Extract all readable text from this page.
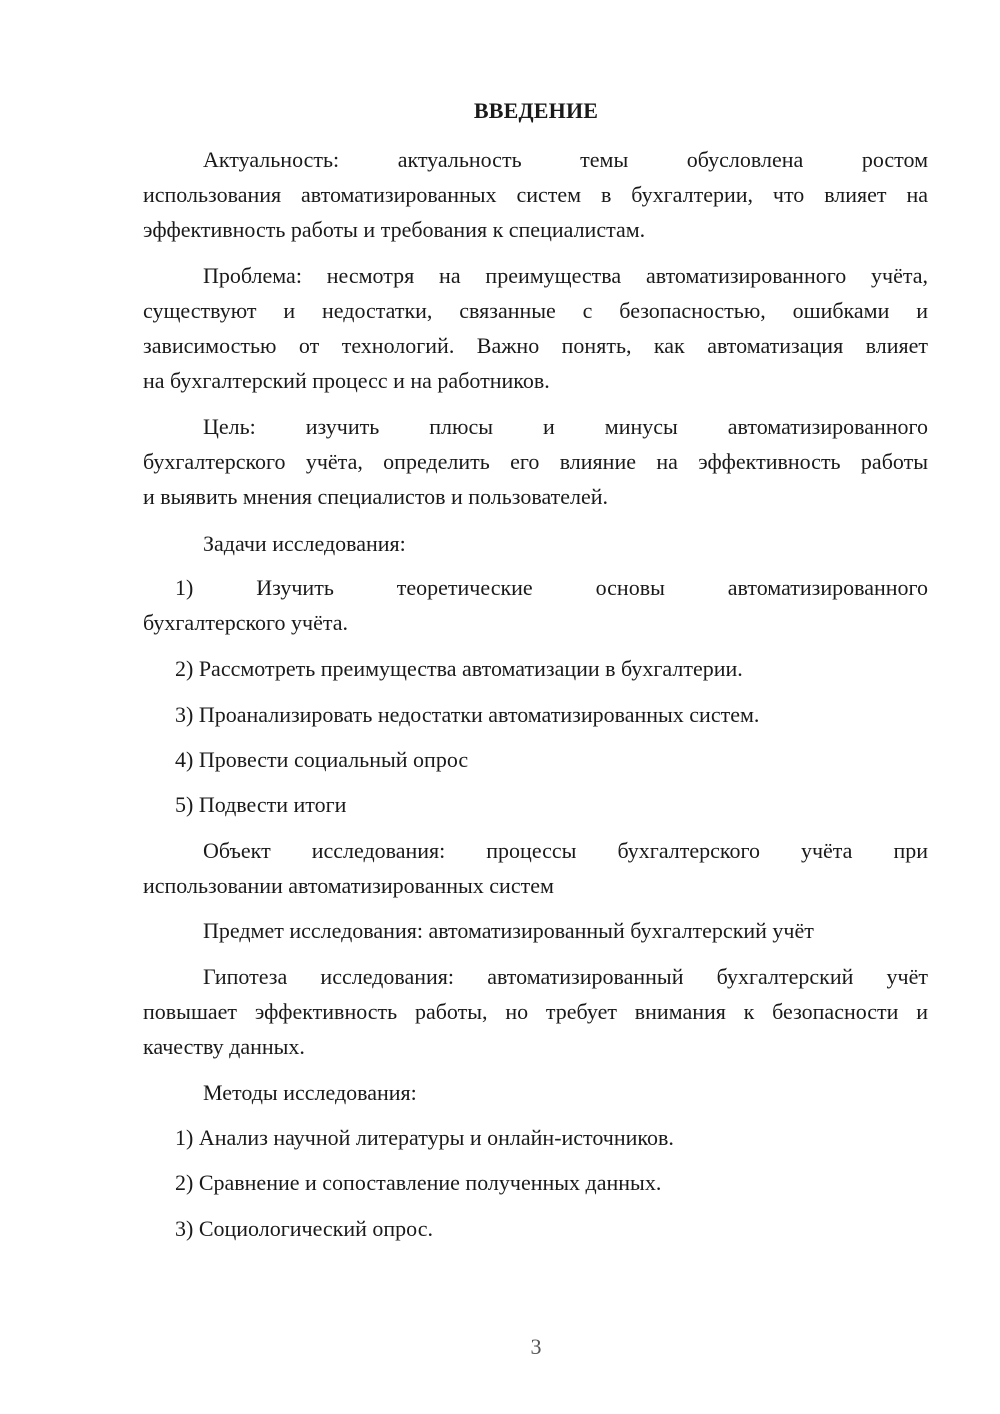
ВВЕДЕНИЕ
Актуальность: актуальность темы обусловлена ростом
использования автоматизированных систем в бухгалтерии, что влияет на
эффективность работы и требования к специалистам.
Проблема: несмотря на преимущества автоматизированного учёта,
существуют и недостатки, связанные с безопасностью, ошибками и
зависимостью от технологий. Важно понять, как автоматизация влияет
на бухгалтерский процесс и на работников.
Цель: изучить плюсы и минусы автоматизированного
бухгалтерского учёта, определить его влияние на эффективность работы
и выявить мнения специалистов и пользователей.
Задачи исследования:
1) Изучить теоретические основы автоматизированного
бухгалтерского учёта.
2) Рассмотреть преимущества автоматизации в бухгалтерии.
3) Проанализировать недостатки автоматизированных систем.
4) Провести социальный опрос
5) Подвести итоги
Объект исследования: процессы бухгалтерского учёта при
использовании автоматизированных систем
Предмет исследования: автоматизированный бухгалтерский учёт
Гипотеза исследования: автоматизированный бухгалтерский учёт
повышает эффективность работы, но требует внимания к безопасности и
качеству данных.
Методы исследования:
1) Анализ научной литературы и онлайн-источников.
2) Сравнение и сопоставление полученных данных.
3) Социологический опрос.
3
